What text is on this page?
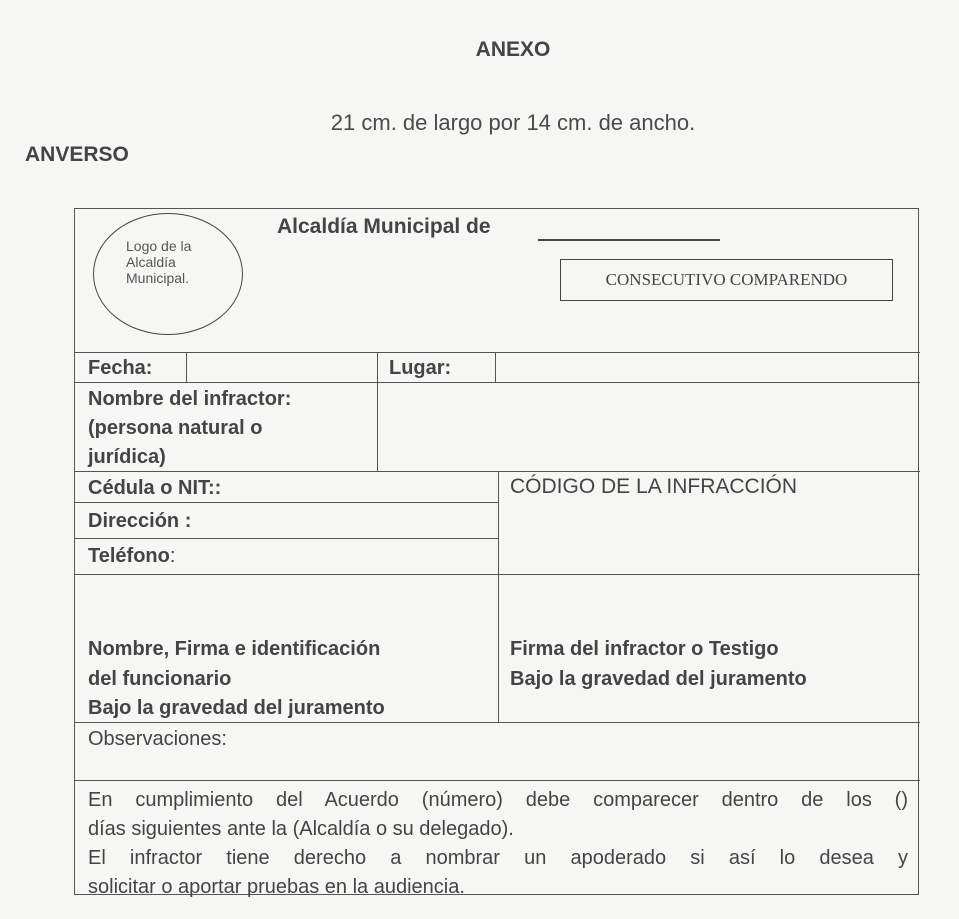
ANEXO
21 cm. de largo por 14 cm. de ancho.
ANVERSO
Logo de la Alcaldía Municipal.
Alcaldía Municipal de
CONSECUTIVO COMPARENDO
Fecha:	Lugar:
Nombre del infractor:
(persona natural o
jurídica)
Cédula o NIT::
Dirección :
Teléfono:
CÓDIGO DE LA INFRACCIÓN
Nombre, Firma e identificación
del funcionario
Bajo la gravedad del juramento
Firma del infractor o Testigo
Bajo la gravedad del juramento
Observaciones:
En cumplimiento del Acuerdo (número) debe comparecer dentro de los ()
días siguientes ante la (Alcaldía o su delegado).
El infractor tiene derecho a nombrar un apoderado si así lo desea y
solicitar o aportar pruebas en la audiencia.
